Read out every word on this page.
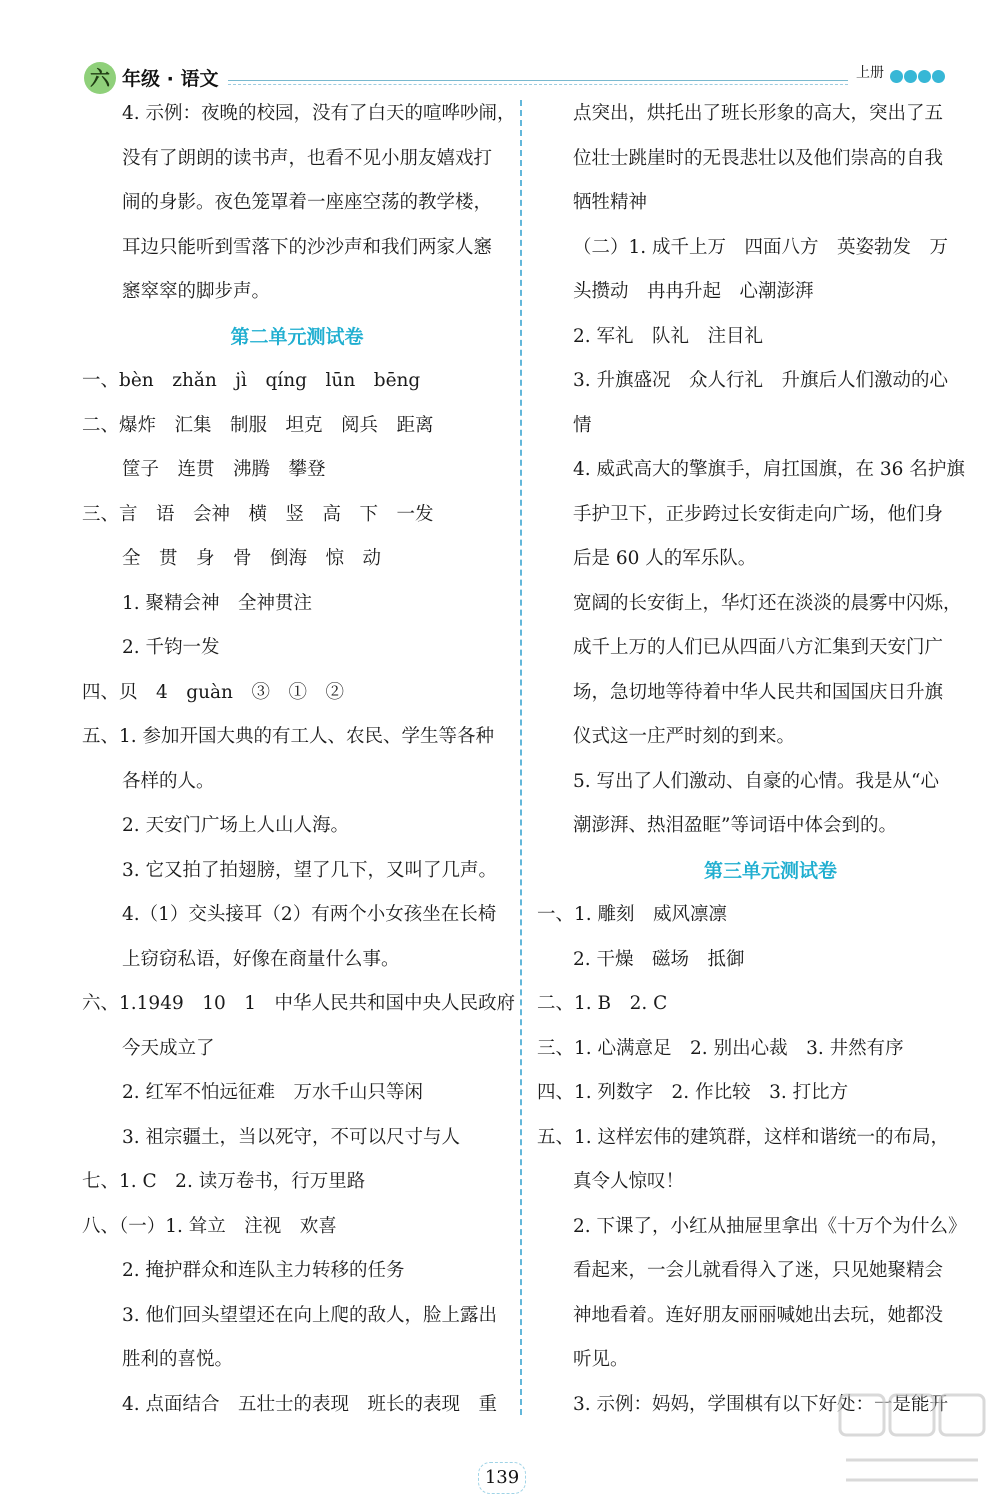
六 年级 · 语文	上册
4. 示例：夜晚的校园，没有了白天的喧哗吵闹，
没有了朗朗的读书声，也看不见小朋友嬉戏打
闹的身影。夜色笼罩着一座座空荡的教学楼，
耳边只能听到雪落下的沙沙声和我们两家人窸
窸窣窣的脚步声。
第二单元测试卷
一、bèn　zhǎn　jì　qíng　lūn　bēng
二、爆炸　汇集　制服　坦克　阅兵　距离
筐子　连贯　沸腾　攀登
三、言　语　会神　横　竖　高　下　一发
全　贯　身　骨　倒海　惊　动
1. 聚精会神　全神贯注
2. 千钧一发
四、贝　4　guàn　③　①　②
五、1. 参加开国大典的有工人、农民、学生等各种
各样的人。
2. 天安门广场上人山人海。
3. 它又拍了拍翅膀，望了几下，又叫了几声。
4.（1）交头接耳（2）有两个小女孩坐在长椅
上窃窃私语，好像在商量什么事。
六、1.1949　10　1　中华人民共和国中央人民政府
今天成立了
2. 红军不怕远征难　万水千山只等闲
3. 祖宗疆土，当以死守，不可以尺寸与人
七、1. C　2. 读万卷书，行万里路
八、（一）1. 耸立　注视　欢喜
2. 掩护群众和连队主力转移的任务
3. 他们回头望望还在向上爬的敌人，脸上露出
胜利的喜悦。
4. 点面结合　五壮士的表现　班长的表现　重
点突出，烘托出了班长形象的高大，突出了五
位壮士跳崖时的无畏悲壮以及他们崇高的自我
牺牲精神
（二）1. 成千上万　四面八方　英姿勃发　万
头攒动　冉冉升起　心潮澎湃
2. 军礼　队礼　注目礼
3. 升旗盛况　众人行礼　升旗后人们激动的心
情
4. 威武高大的擎旗手，肩扛国旗，在 36 名护旗
手护卫下，正步跨过长安街走向广场，他们身
后是 60 人的军乐队。
宽阔的长安街上，华灯还在淡淡的晨雾中闪烁，
成千上万的人们已从四面八方汇集到天安门广
场，急切地等待着中华人民共和国国庆日升旗
仪式这一庄严时刻的到来。
5. 写出了人们激动、自豪的心情。我是从“心
潮澎湃、热泪盈眶”等词语中体会到的。
第三单元测试卷
一、1. 雕刻　威风凛凛
2. 干燥　磁场　抵御
二、1. B　2. C
三、1. 心满意足　2. 别出心裁　3. 井然有序
四、1. 列数字　2. 作比较　3. 打比方
五、1. 这样宏伟的建筑群，这样和谐统一的布局，
真令人惊叹！
2. 下课了，小红从抽屉里拿出《十万个为什么》
看起来，一会儿就看得入了迷，只见她聚精会
神地看着。连好朋友丽丽喊她出去玩，她都没
听见。
3. 示例：妈妈，学围棋有以下好处：一是能开
139
